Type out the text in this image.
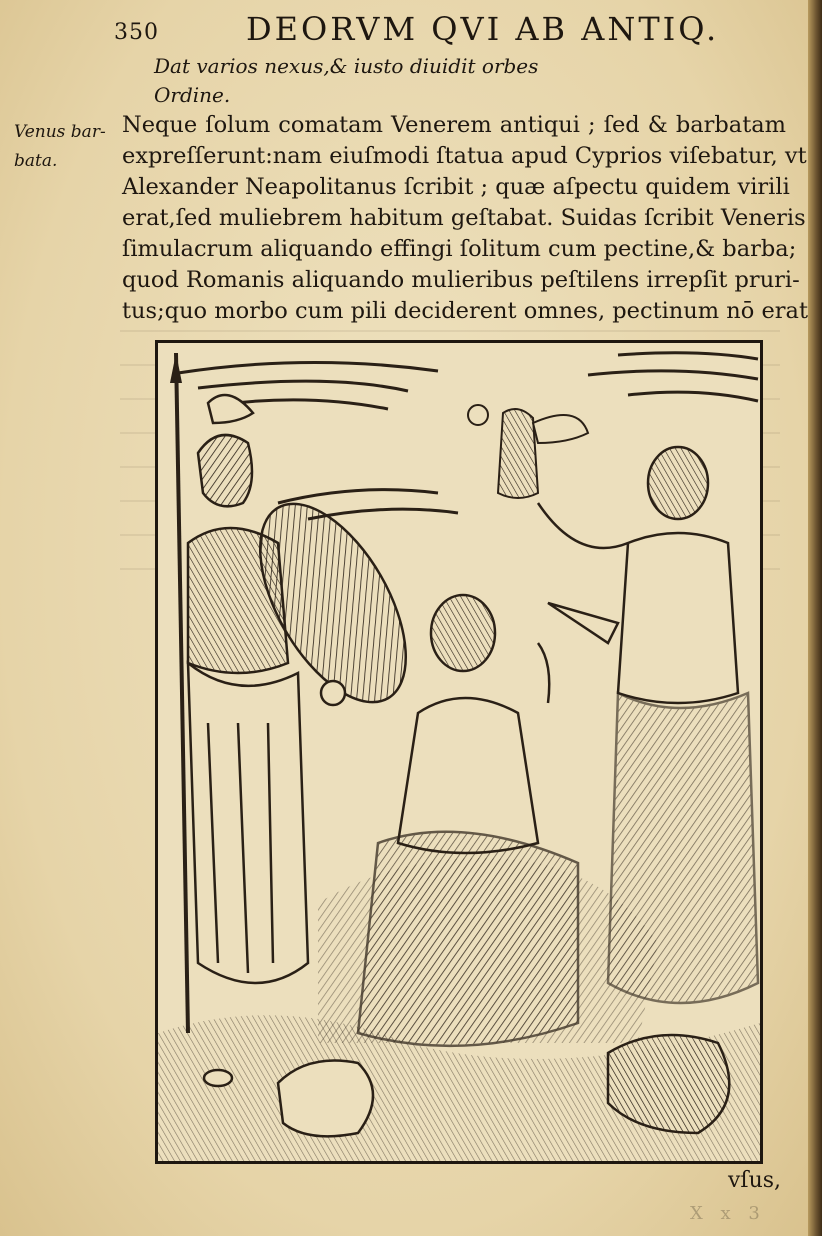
350	DEORVM QVI AB ANTIQ.
Dat varios nexus,& iusto diuidit orbes
Ordine.
Venus bar-
bata.
Neque ſolum comatam Venerem antiqui ; ſed & barbatam
expreſſerunt:nam eiuſmodi ſtatua apud Cyprios viſebatur, vt
Alexander Neapolitanus ſcribit ; quæ aſpectu quidem virili
erat,ſed muliebrem habitum geſtabat. Suidas ſcribit Veneris
ſimulacrum aliquando effingi ſolitum cum pectine,& barba;
quod Romanis aliquando mulieribus peſtilens irrepſit pruri-
tus;quo morbo cum pili deciderent omnes, pectinum nō erat
vſus,
X x 3
